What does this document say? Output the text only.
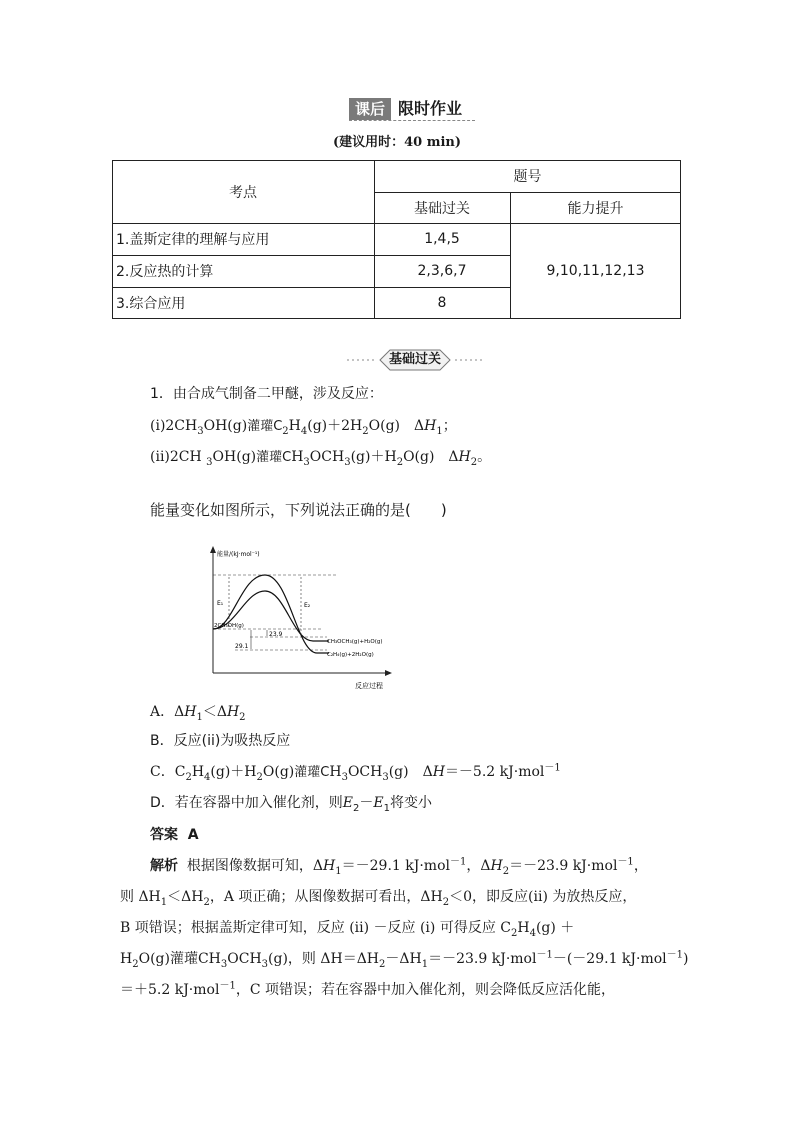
课后 限时作业
(建议用时：40 min)
考点
题号
基础过关	能力提升
1.盖斯定律的理解与应用	1,4,5
2.反应热的计算	2,3,6,7
3.综合应用	8
9,10,11,12,13
基础过关
1．由合成气制备二甲醚，涉及反应：
$(i)2CH_3OH(g)$灌瓘$C_2H_4(g)+2H_2O(g)$　$\Delta H_1$；
(ii)2CH $_3$OH(g)灌瓘$CH_3OCH_3(g)+H_2O(g)$　$\Delta H_2$。
能量变化如图所示，下列说法正确的是(　　)
能量/(kJ·mol⁻¹)
反应过程
E₁	E₂
29.1
23.9
2CH₃OH(g)
CH₃OCH₃(g)+H₂O(g)
C₂H₄(g)+2H₂O(g)
A．$\Delta H_1<\Delta H_2$
B．反应(ii)为吸热反应
C．$C_2H_4(g)+H_2O(g)$灌瓘$CH_3OCH_3(g)$　ΔH＝－5.2 kJ·mol$^{-1}$
D．若在容器中加入催化剂，则$E_2-E_1$将变小
答案 A
解析 根据图像数据可知，$\Delta H_1=-29.1$ kJ·mol$^{-1}$，$\Delta H_2=-23.9$ kJ·mol$^{-1}$，
则 $\Delta H_1<\Delta H_2$，A 项正确；从图像数据可看出，$\Delta H_2<0$，即反应(ii) 为放热反应，
B 项错误；根据盖斯定律可知，反应 (ii) －反应 (i) 可得反应 $C_2H_4(g)$ ＋
$H_2O(g)$灌瓘$CH_3OCH_3(g)$，则 $\Delta H=\Delta H_2-\Delta H_1=-23.9$ kJ·mol$^{-1}$－(－29.1 kJ·mol$^{-1}$)
＝＋5.2 kJ·mol$^{-1}$，C 项错误；若在容器中加入催化剂，则会降低反应活化能，
